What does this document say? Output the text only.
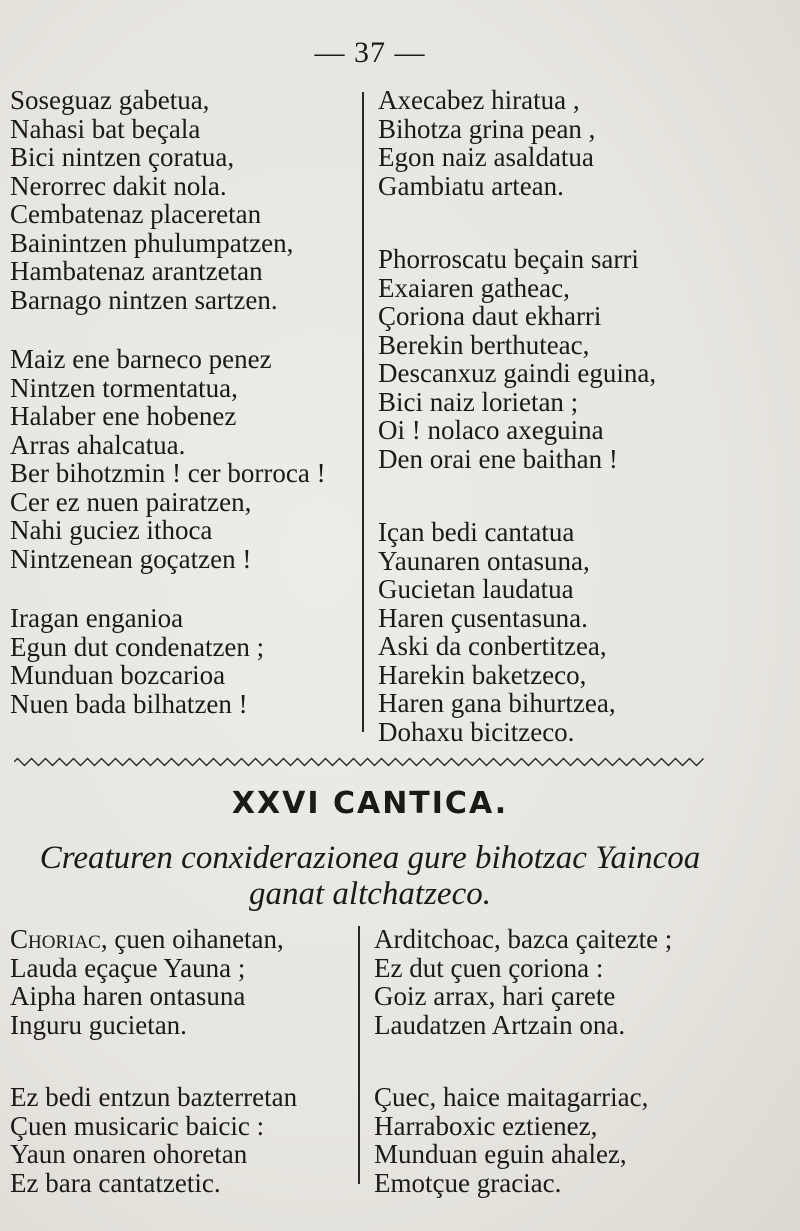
— 37 —
Soseguaz gabetua,
Nahasi bat beçala
Bici nintzen çoratua,
Nerorrec dakit nola.
Cembatenaz placeretan
Bainintzen phulumpatzen,
Hambatenaz arantzetan
Barnago nintzen sartzen.
Maiz ene barneco penez
Nintzen tormentatua,
Halaber ene hobenez
Arras ahalcatua.
Ber bihotzmin ! cer borroca !
Cer ez nuen pairatzen,
Nahi guciez ithoca
Nintzenean goçatzen !
Iragan enganioa
Egun dut condenatzen ;
Munduan bozcarioa
Nuen bada bilhatzen !
Axecabez hiratua ,
Bihotza grina pean ,
Egon naiz asaldatua
Gambiatu artean.
Phorroscatu beçain sarri
Exaiaren gatheac,
Çoriona daut ekharri
Berekin berthuteac,
Descanxuz gaindi eguina,
Bici naiz lorietan ;
Oi ! nolaco axeguina
Den orai ene baithan !
Içan bedi cantatua
Yaunaren ontasuna,
Gucietan laudatua
Haren çusentasuna.
Aski da conbertitzea,
Harekin baketzeco,
Haren gana bihurtzea,
Dohaxu bicitzeco.
XXVI CANTICA.
Creaturen conxiderazionea gure bihotzac Yaincoa
ganat altchatzeco.
Choriac, çuen oihanetan,
Lauda eçaçue Yauna ;
Aipha haren ontasuna
Inguru gucietan.
Ez bedi entzun bazterretan
Çuen musicaric baicic :
Yaun onaren ohoretan
Ez bara cantatzetic.
Arditchoac, bazca çaitezte ;
Ez dut çuen çoriona :
Goiz arrax, hari çarete
Laudatzen Artzain ona.
Çuec, haice maitagarriac,
Harraboxic eztienez,
Munduan eguin ahalez,
Emotçue graciac.
